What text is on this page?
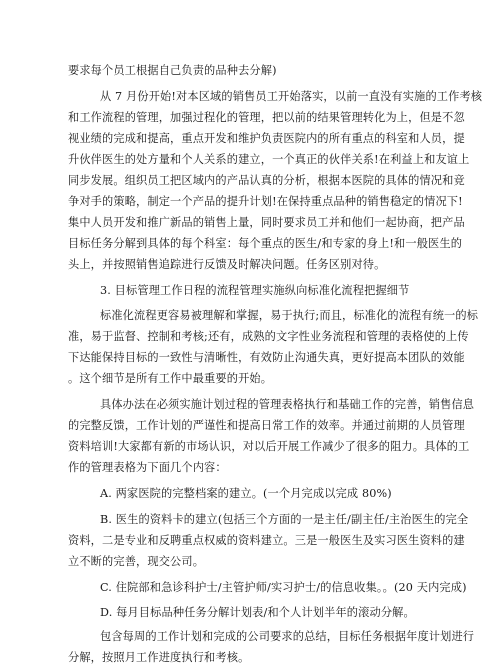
要求每个员工根据自己负责的品种去分解)
从 7 月份开始!对本区域的销售员工开始落实，以前一直没有实施的工作考核
和工作流程的管理，加强过程化的管理，把以前的结果管理转化为上，但是不忽
视业绩的完成和提高，重点开发和维护负责医院内的所有重点的科室和人员，提
升伙伴医生的处方量和个人关系的建立，一个真正的伙伴关系!在利益上和友谊上
同步发展。组织员工把区域内的产品认真的分析，根据本医院的具体的情况和竞
争对手的策略，制定一个产品的提升计划!在保持重点品种的销售稳定的情况下!
集中人员开发和推广新品的销售上量，同时要求员工并和他们一起协商，把产品
目标任务分解到具体的每个科室：每个重点的医生/和专家的身上!和一般医生的
头上，并按照销售追踪进行反馈及时解决问题。任务区别对待。
3. 目标管理工作日程的流程管理实施纵向标准化流程把握细节
标准化流程更容易被理解和掌握，易于执行;而且，标准化的流程有统一的标
准，易于监督、控制和考核;还有，成熟的文字性业务流程和管理的表格使的上传
下达能保持目标的一致性与清晰性，有效防止沟通失真，更好提高本团队的效能
。这个细节是所有工作中最重要的开始。
具体办法在必须实施计划过程的管理表格执行和基础工作的完善，销售信息
的完整反馈，工作计划的严谨性和提高日常工作的效率。并通过前期的人员管理
资料培训!大家都有新的市场认识，对以后开展工作减少了很多的阻力。具体的工
作的管理表格为下面几个内容：
A. 两家医院的完整档案的建立。(一个月完成以完成 80%)
B. 医生的资料卡的建立(包括三个方面的一是主任/副主任/主治医生的完全
资料，二是专业和反聘重点权威的资料建立。三是一般医生及实习医生资料的建
立不断的完善，现交公司。
C. 住院部和急诊科护士/主管护师/实习护士/的信息收集。。(20 天内完成)
D. 每月目标品种任务分解计划表/和个人计划半年的滚动分解。
包含每周的工作计划和完成的公司要求的总结，目标任务根据年度计划进行
分解，按照月工作进度执行和考核。
